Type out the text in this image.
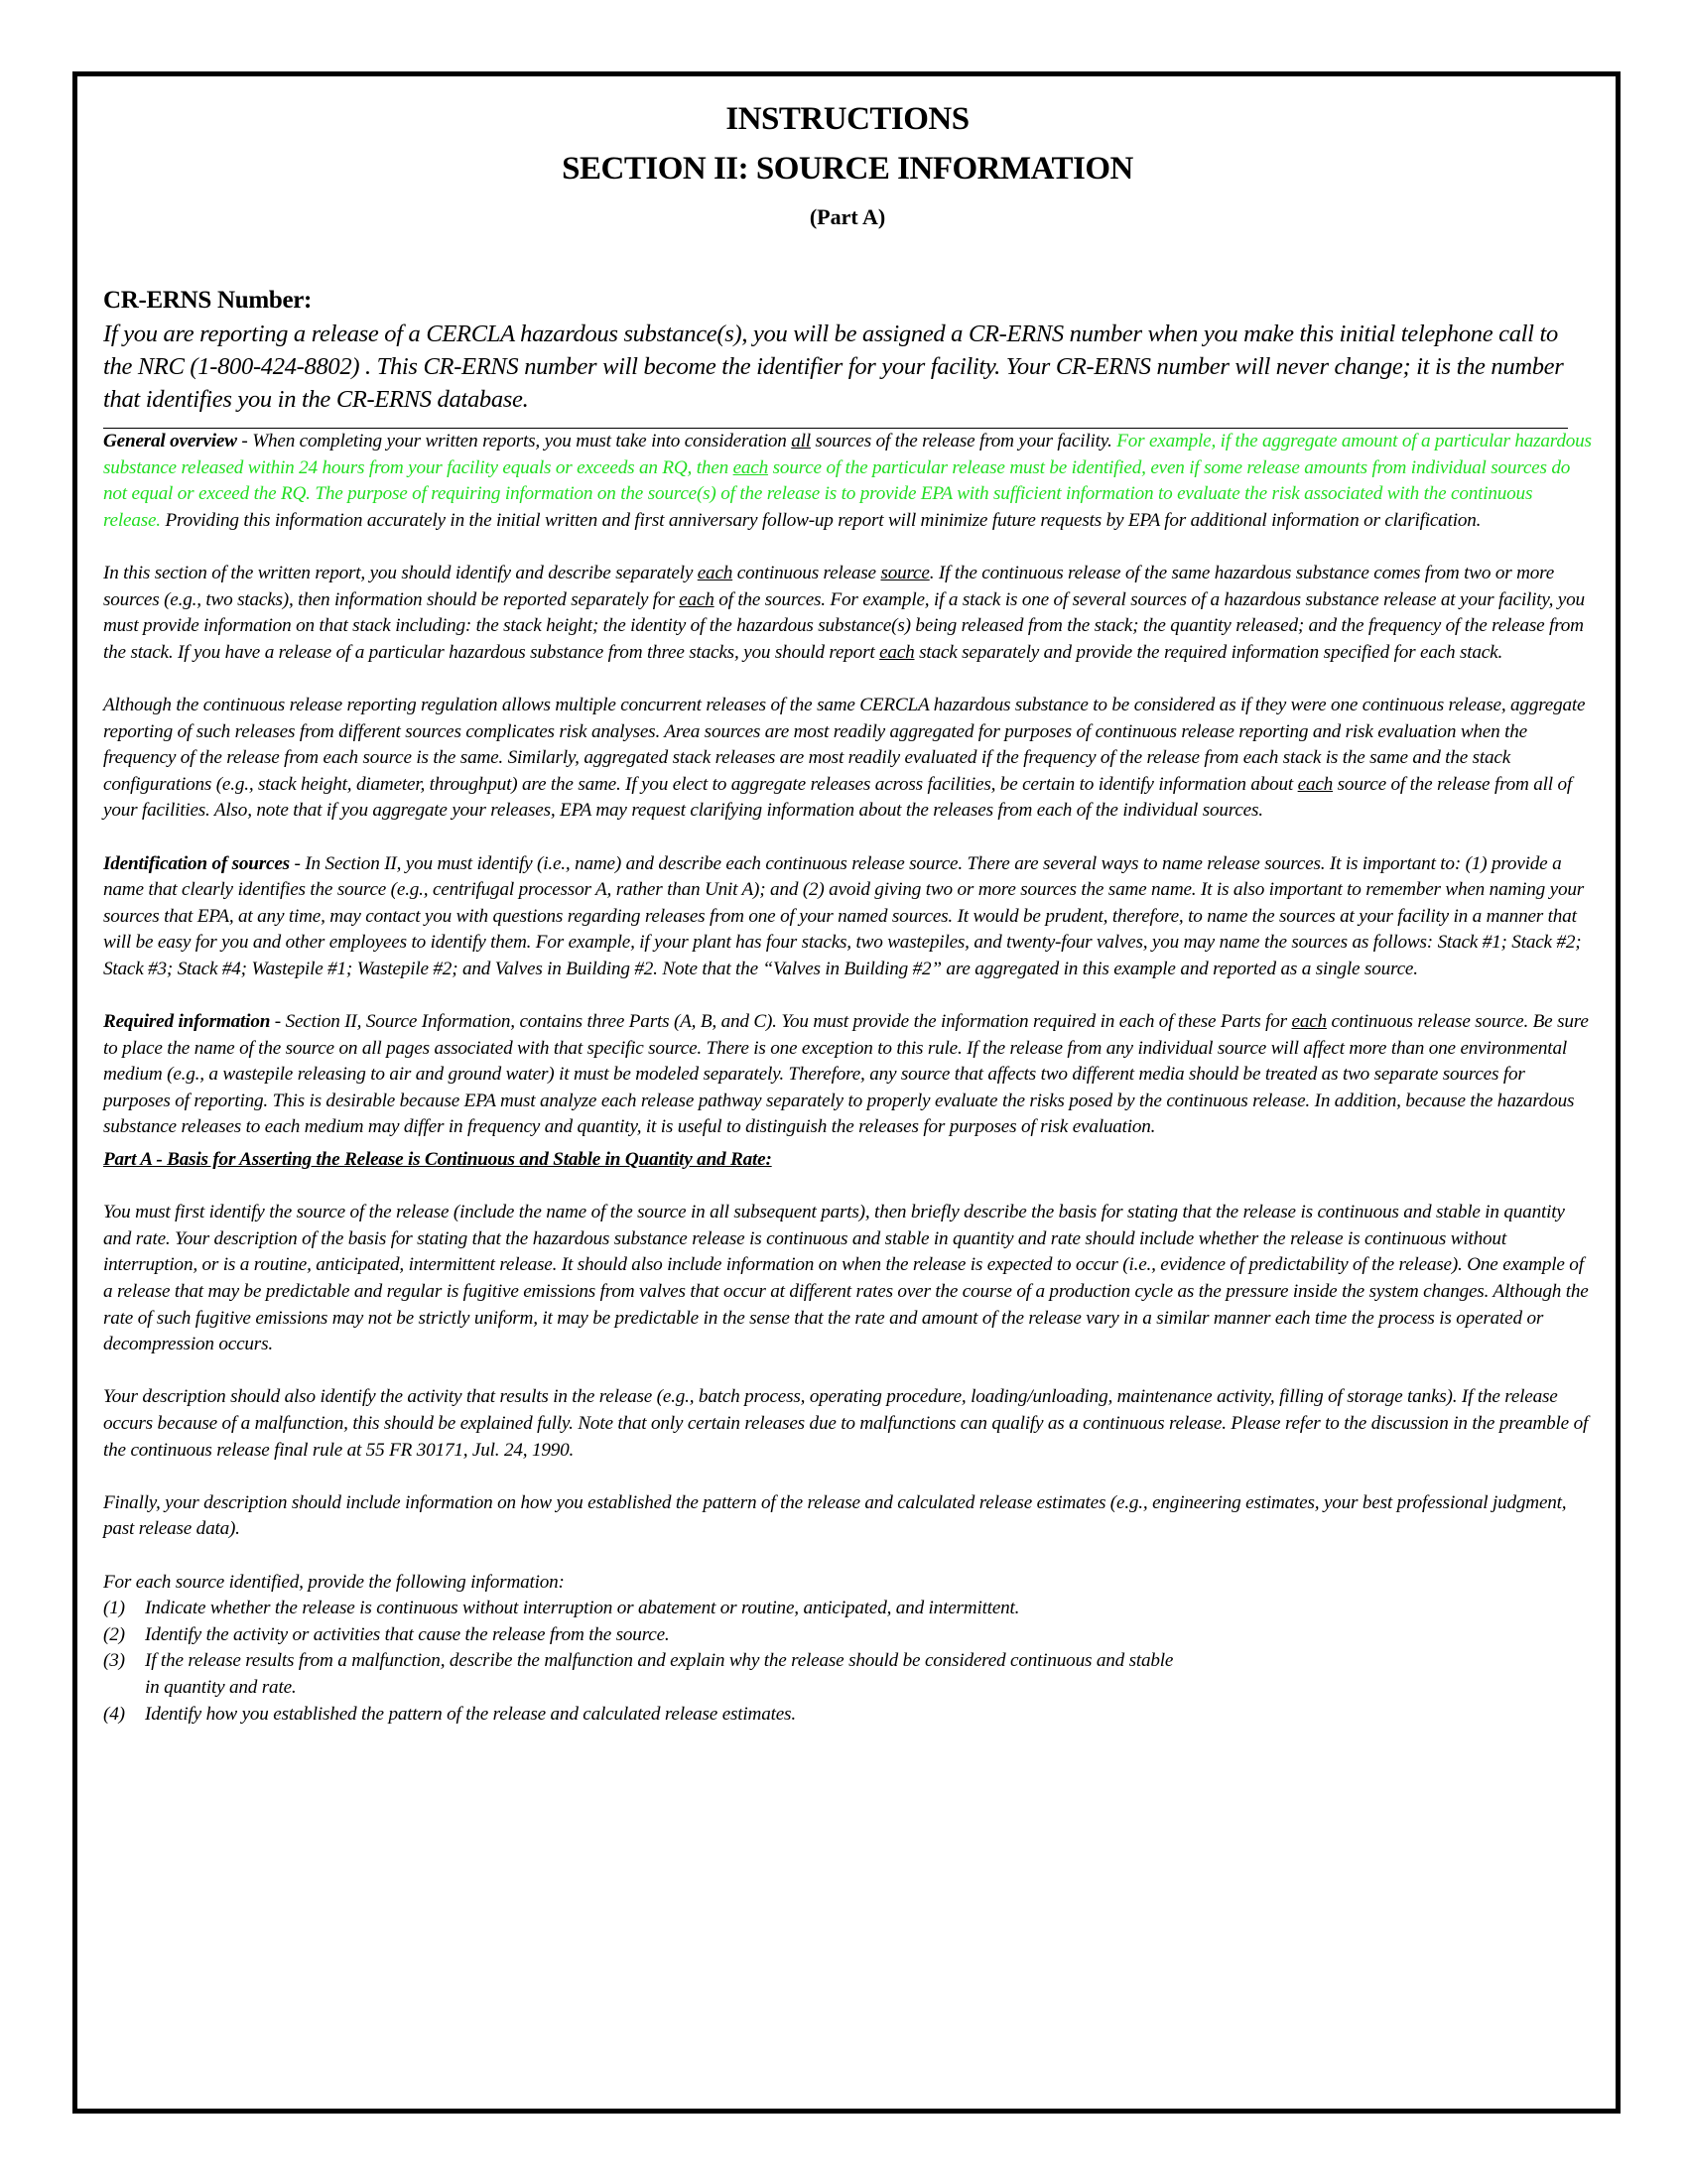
INSTRUCTIONS
SECTION II: SOURCE INFORMATION
(Part A)
CR-ERNS Number:
If you are reporting a release of a CERCLA hazardous substance(s), you will be assigned a CR-ERNS number when you make this initial telephone call to the NRC (1-800-424-8802) . This CR-ERNS number will become the identifier for your facility. Your CR-ERNS number will never change; it is the number that identifies you in the CR-ERNS database.

General overview - When completing your written reports, you must take into consideration all sources of the release from your facility. For example, if the aggregate amount of a particular hazardous substance released within 24 hours from your facility equals or exceeds an RQ, then each source of the particular release must be identified, even if some release amounts from individual sources do not equal or exceed the RQ. The purpose of requiring information on the source(s) of the release is to provide EPA with sufficient information to evaluate the risk associated with the continuous release. Providing this information accurately in the initial written and first anniversary follow-up report will minimize future requests by EPA for additional information or clarification.

In this section of the written report, you should identify and describe separately each continuous release source. If the continuous release of the same hazardous substance comes from two or more sources (e.g., two stacks), then information should be reported separately for each of the sources. For example, if a stack is one of several sources of a hazardous substance release at your facility, you must provide information on that stack including: the stack height; the identity of the hazardous substance(s) being released from the stack; the quantity released; and the frequency of the release from the stack. If you have a release of a particular hazardous substance from three stacks, you should report each stack separately and provide the required information specified for each stack.

Although the continuous release reporting regulation allows multiple concurrent releases of the same CERCLA hazardous substance to be considered as if they were one continuous release, aggregate reporting of such releases from different sources complicates risk analyses. Area sources are most readily aggregated for purposes of continuous release reporting and risk evaluation when the frequency of the release from each source is the same. Similarly, aggregated stack releases are most readily evaluated if the frequency of the release from each stack is the same and the stack configurations (e.g., stack height, diameter, throughput) are the same. If you elect to aggregate releases across facilities, be certain to identify information about each source of the release from all of your facilities. Also, note that if you aggregate your releases, EPA may request clarifying information about the releases from each of the individual sources.

Identification of sources - In Section II, you must identify (i.e., name) and describe each continuous release source. There are several ways to name release sources. It is important to: (1) provide a name that clearly identifies the source (e.g., centrifugal processor A, rather than Unit A); and (2) avoid giving two or more sources the same name. It is also important to remember when naming your sources that EPA, at any time, may contact you with questions regarding releases from one of your named sources. It would be prudent, therefore, to name the sources at your facility in a manner that will be easy for you and other employees to identify them. For example, if your plant has four stacks, two wastepiles, and twenty-four valves, you may name the sources as follows: Stack #1; Stack #2; Stack #3; Stack #4; Wastepile #1; Wastepile #2; and Valves in Building #2. Note that the “Valves in Building #2” are aggregated in this example and reported as a single source.

Required information - Section II, Source Information, contains three Parts (A, B, and C). You must provide the information required in each of these Parts for each continuous release source. Be sure to place the name of the source on all pages associated with that specific source. There is one exception to this rule. If the release from any individual source will affect more than one environmental medium (e.g., a wastepile releasing to air and ground water) it must be modeled separately. Therefore, any source that affects two different media should be treated as two separate sources for purposes of reporting. This is desirable because EPA must analyze each release pathway separately to properly evaluate the risks posed by the continuous release. In addition, because the hazardous substance releases to each medium may differ in frequency and quantity, it is useful to distinguish the releases for purposes of risk evaluation.

Part A - Basis for Asserting the Release is Continuous and Stable in Quantity and Rate:

You must first identify the source of the release (include the name of the source in all subsequent parts), then briefly describe the basis for stating that the release is continuous and stable in quantity and rate. Your description of the basis for stating that the hazardous substance release is continuous and stable in quantity and rate should include whether the release is continuous without interruption, or is a routine, anticipated, intermittent release. It should also include information on when the release is expected to occur (i.e., evidence of predictability of the release). One example of a release that may be predictable and regular is fugitive emissions from valves that occur at different rates over the course of a production cycle as the pressure inside the system changes. Although the rate of such fugitive emissions may not be strictly uniform, it may be predictable in the sense that the rate and amount of the release vary in a similar manner each time the process is operated or decompression occurs.

Your description should also identify the activity that results in the release (e.g., batch process, operating procedure, loading/unloading, maintenance activity, filling of storage tanks). If the release occurs because of a malfunction, this should be explained fully. Note that only certain releases due to malfunctions can qualify as a continuous release. Please refer to the discussion in the preamble of the continuous release final rule at 55 FR 30171, Jul. 24, 1990.

Finally, your description should include information on how you established the pattern of the release and calculated release estimates (e.g., engineering estimates, your best professional judgment, past release data).

For each source identified, provide the following information:

(1)	Indicate whether the release is continuous without interruption or abatement or routine, anticipated, and intermittent.
(2)	Identify the activity or activities that cause the release from the source.
(3)	If the release results from a malfunction, describe the malfunction and explain why the release should be considered continuous and stable in quantity and rate.
(4)	Identify how you established the pattern of the release and calculated release estimates.
